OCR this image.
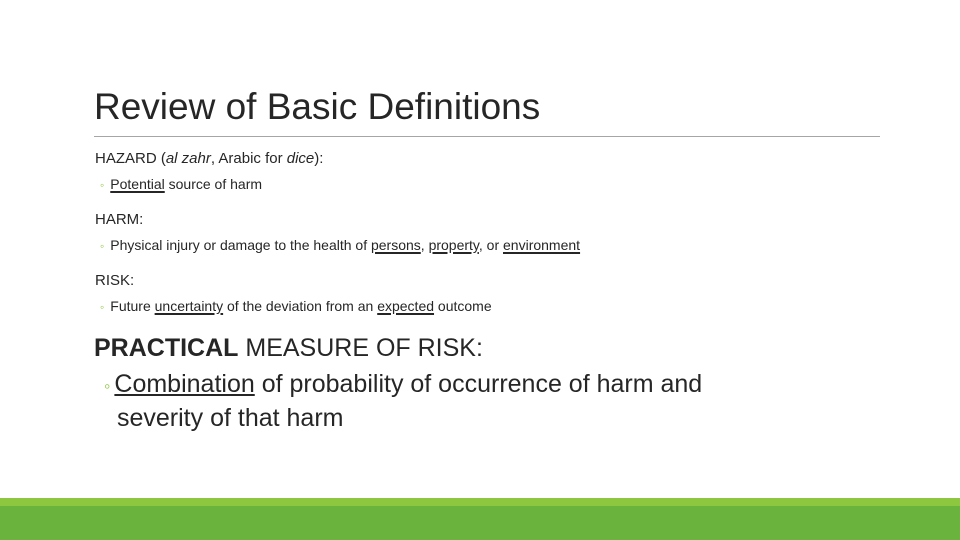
Review of Basic Definitions
HAZARD (al zahr, Arabic for dice):
◦ Potential source of harm
HARM:
◦ Physical injury or damage to the health of persons, property, or environment
RISK:
◦ Future uncertainty of the deviation from an expected outcome
PRACTICAL MEASURE OF RISK:
◦ Combination of probability of occurrence of harm and
severity of that harm
